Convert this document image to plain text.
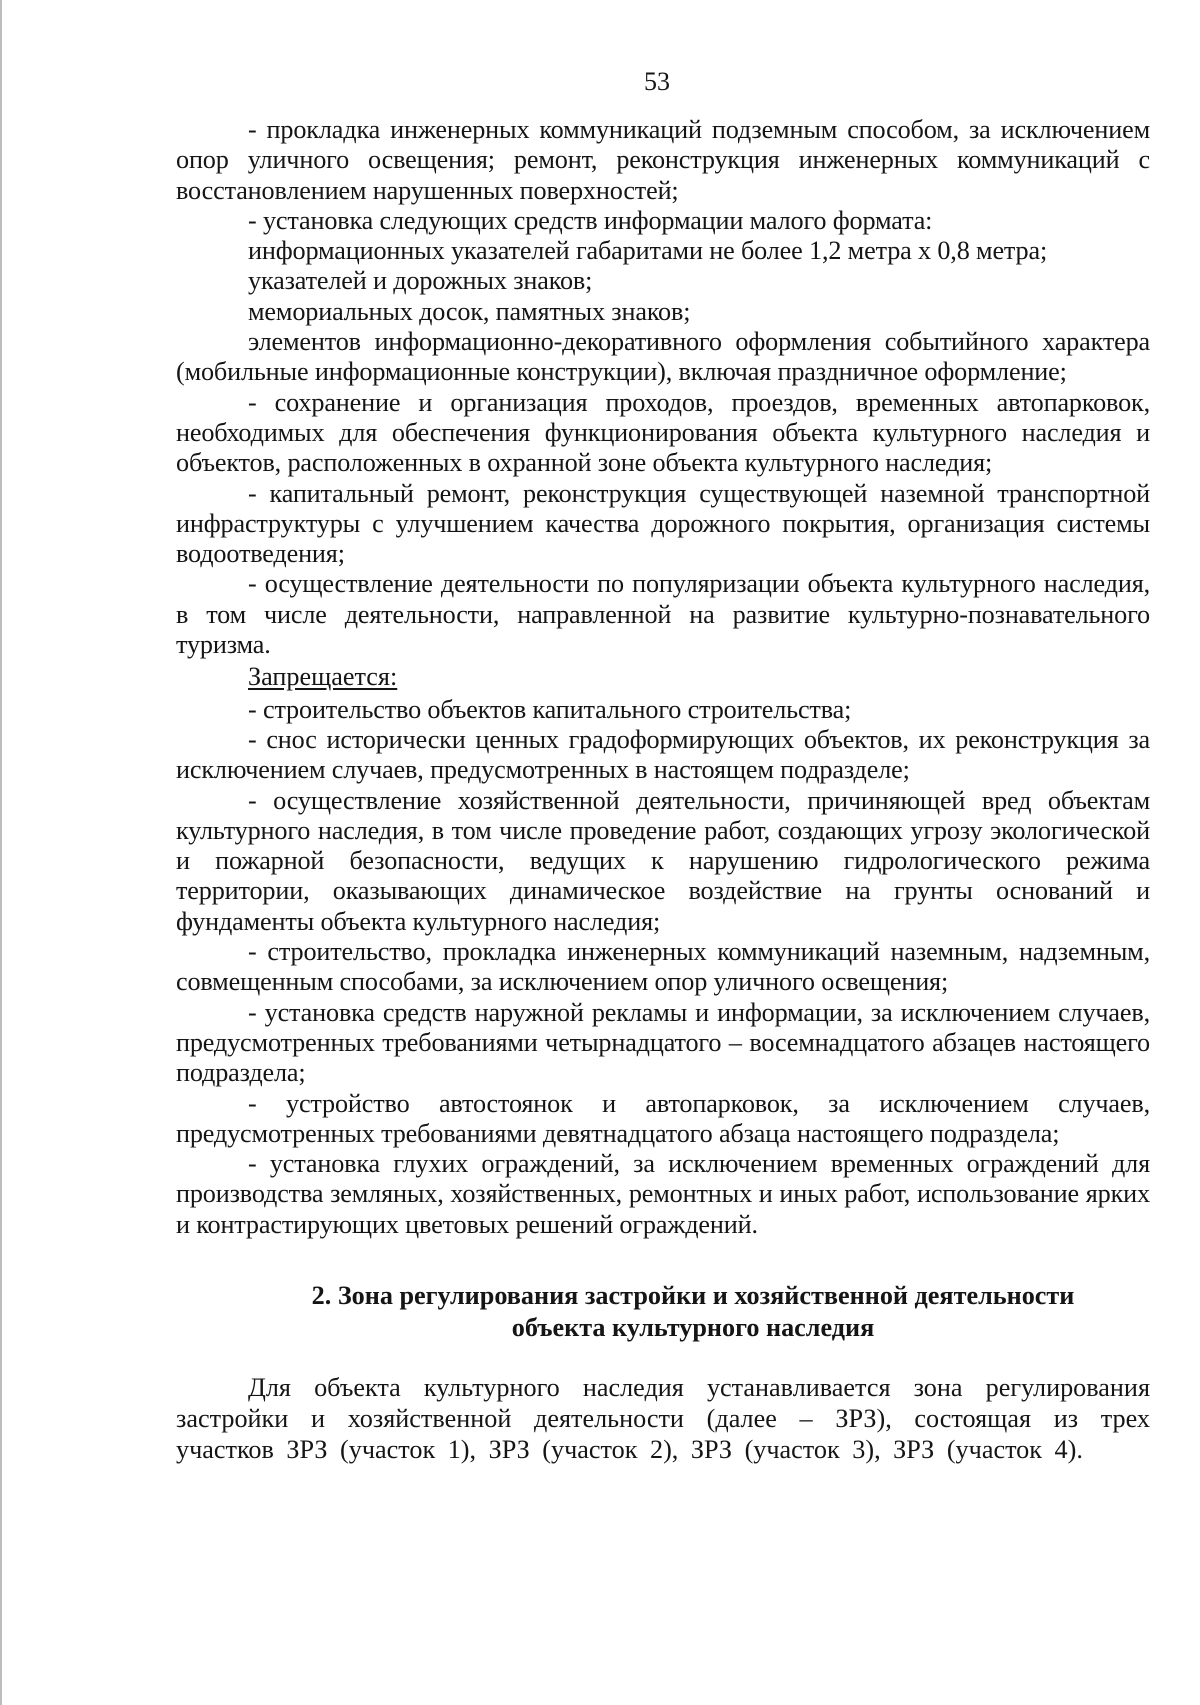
53

- прокладка инженерных коммуникаций подземным способом, за исключением опор уличного освещения; ремонт, реконструкция инженерных коммуникаций с восстановлением нарушенных поверхностей;

- установка следующих средств информации малого формата:

информационных указателей габаритами не более 1,2 метра х 0,8 метра;

указателей и дорожных знаков;

мемориальных досок, памятных знаков;

элементов информационно-декоративного оформления событийного характера (мобильные информационные конструкции), включая праздничное оформление;

- сохранение и организация проходов, проездов, временных автопарковок, необходимых для обеспечения функционирования объекта культурного наследия и объектов, расположенных в охранной зоне объекта культурного наследия;

- капитальный ремонт, реконструкция существующей наземной транспортной инфраструктуры с улучшением качества дорожного покрытия, организация системы водоотведения;

- осуществление деятельности по популяризации объекта культурного наследия, в том числе деятельности, направленной на развитие культурно-познавательного туризма.

Запрещается:

- строительство объектов капитального строительства;

- снос исторически ценных градоформирующих объектов, их реконструкция за исключением случаев, предусмотренных в настоящем подразделе;

- осуществление хозяйственной деятельности, причиняющей вред объектам культурного наследия, в том числе проведение работ, создающих угрозу экологической и пожарной безопасности, ведущих к нарушению гидрологического режима территории, оказывающих динамическое воздействие на грунты оснований и фундаменты объекта культурного наследия;

- строительство, прокладка инженерных коммуникаций наземным, надземным, совмещенным способами, за исключением опор уличного освещения;

- установка средств наружной рекламы и информации, за исключением случаев, предусмотренных требованиями четырнадцатого – восемнадцатого абзацев настоящего подраздела;

- устройство автостоянок и автопарковок, за исключением случаев, предусмотренных требованиями девятнадцатого абзаца настоящего подраздела;

- установка глухих ограждений, за исключением временных ограждений для производства земляных, хозяйственных, ремонтных и иных работ, использование ярких и контрастирующих цветовых решений ограждений.

2. Зона регулирования застройки и хозяйственной деятельности
объекта культурного наследия

Для объекта культурного наследия устанавливается зона регулирования застройки и хозяйственной деятельности (далее – ЗРЗ), состоящая из трех участков ЗРЗ (участок 1), ЗРЗ (участок 2), ЗРЗ (участок 3), ЗРЗ (участок 4).
